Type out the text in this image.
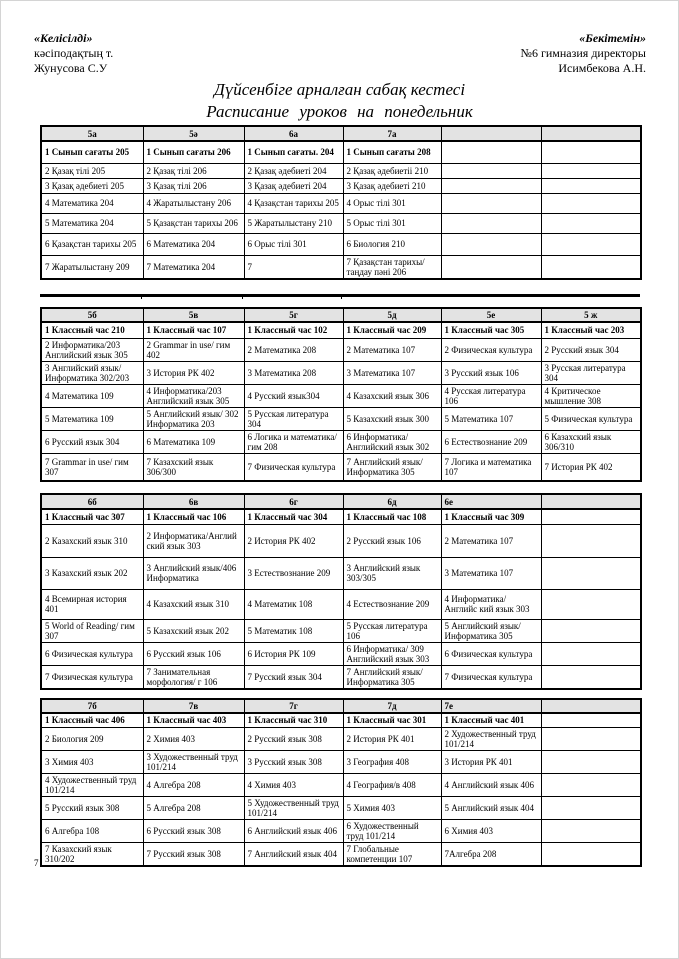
«Келісілді»
кәсіподақтың т.
Жунусова С.У
«Бекітемін»
№6 гимназия директоры
Исимбекова А.Н.
Дүйсенбіге арналған сабақ кестесі
Расписание уроков на понедельник
5а	5ә	6а	7а		
1 Сынып сағаты 205	1 Сынып сағаты 206	1 Сынып сағаты. 204	1 Сынып сағаты 208		
2 Қазақ тілі 205	2 Қазақ тілі 206	2 Қазақ әдебиеті 204	2 Қазақ әдебиетіі 210		
3 Қазақ әдебиеті 205	3 Қазақ тілі 206	3 Қазақ әдебиеті 204	3 Қазақ әдебиеті 210		
4 Математика 204	4 Жаратылыстану 206	4 Қазақстан тарихы 205	4 Орыс тілі 301		
5 Математика 204	5 Қазақстан тарихы 206	5 Жаратылыстану 210	5 Орыс тілі 301		
6 Қазақстан тарихы 205	6 Математика 204	6 Орыс тілі 301	6 Биология 210		
7 Жаратылыстану 209	7 Математика 204	7	7 Қазақстан тарихы/ таңдау пәні 206		
5б	5в	5г	5д	5е	5 ж
1 Классный час 210	1 Классный час 107	1 Классный час 102	1 Классный час 209	1 Классный час 305	1 Классный час 203
2 Информатика/203 Английский язык 305	2 Grammar in use/ гим 402	2 Математика 208	2 Математика 107	2 Физическая культура	2 Русский язык 304
3 Английский язык/ Информатика 302/203	3 История РК 402	3 Математика 208	3 Математика 107	3 Русский язык 106	3 Русская литература 304
4 Математика 109	4 Информатика/203 Английский язык 305	4 Русский язык304	4 Казахский язык 306	4 Русская литература 106	4 Критическое мышление 308
5 Математика 109	5 Английский язык/ 302 Информатика 203	5 Русская литература 304	5 Казахский язык 300	5 Математика 107	5 Физическая культура
6 Русский язык 304	6 Математика 109	6 Логика и математика/ гим 208	6 Информатика/ Английский язык 302	6 Естествознание 209	6 Казахский язык 306/310
7 Grammar in use/ гим 307	7 Казахский язык 306/300	7 Физическая культура	7 Английский язык/ Информатика 305	7 Логика и математика 107	7 История РК 402
6б	6в	6г	6д	6е	
1 Классный час 307	1 Классный час 106	1 Классный час 304	1 Классный час 108	1 Классный час 309	
2 Казахский язык 310	2 Информатика/Англий ский язык 303	2 История РК 402	2 Русский язык 106	2 Математика 107	
3 Казахский язык 202	3 Английский язык/406 Информатика	3 Естествознание 209	3 Английский язык 303/305	3 Математика 107	
4 Всемирная история 401	4 Казахский язык 310	4 Математик 108	4 Естествознание 209	4 Информатика/Английс кий язык 303	
5 World of Reading/ гим 307	5 Казахский язык 202	5 Математик 108	5 Русская литература 106	5 Английский язык/ Информатика 305	
6 Физическая культура	6 Русский язык 106	6 История РК 109	6 Информатика/ 309 Английский язык 303	6 Физическая культура	
7 Физическая культура	7 Занимательная морфология/ г 106	7 Русский язык 304	7 Английский язык/ Информатика 305	7 Физическая культура	
7б	7в	7г	7д	7е	
1 Классный час 406	1 Классный час 403	1 Классный час 310	1 Классный час 301	1 Классный час 401	
2 Биология 209	2 Химия 403	2 Русский язык 308	2 История РК 401	2 Художественный труд 101/214	
3 Химия 403	3 Художественный труд 101/214	3 Русский язык 308	3 География 408	3 История РК 401	
4 Художественный труд 101/214	4 Алгебра 208	4 Химия 403	4 География/в 408	4 Английский язык 406	
5 Русский язык 308	5 Алгебра 208	5 Художественный труд 101/214	5 Химия 403	5 Английский язык 404	
6 Алгебра 108	6 Русский язык 308	6 Английский язык 406	6 Художественный труд 101/214	6 Химия 403	
7 Казахский язык 310/202	7 Русский язык 308	7 Английский язык 404	7 Глобальные компетенции 107	7Алгебра 208	
7
